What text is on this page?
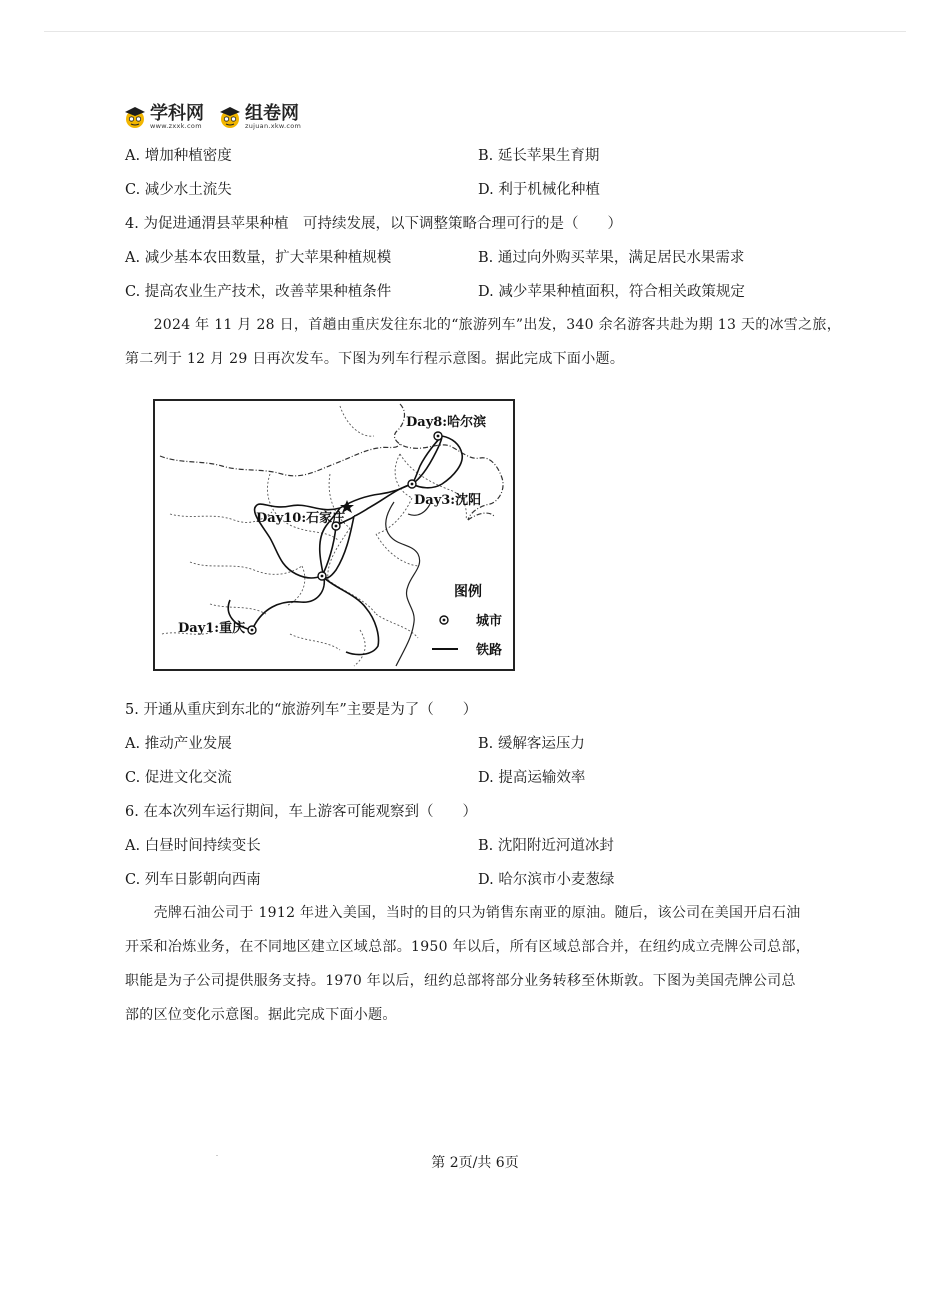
学科网
www.zxxk.com
组卷网
zujuan.xkw.com
A. 增加种植密度	B. 延长苹果生育期
C. 减少水土流失	D. 利于机械化种植
4. 为促进通渭县苹果种植　可持续发展，以下调整策略合理可行的是（　　）
A. 减少基本农田数量，扩大苹果种植规模	B. 通过向外购买苹果，满足居民水果需求
C. 提高农业生产技术，改善苹果种植条件	D. 减少苹果种植面积，符合相关政策规定
　　2024 年 11 月 28 日，首趟由重庆发往东北的“旅游列车”出发，340 余名游客共赴为期 13 天的冰雪之旅，
第二列于 12 月 29 日再次发车。下图为列车行程示意图。据此完成下面小题。
Day8:哈尔滨
Day3:沈阳
Day10:石家庄
Day1:重庆
图例
城市
铁路
5. 开通从重庆到东北的“旅游列车”主要是为了（　　）
A. 推动产业发展	B. 缓解客运压力
C. 促进文化交流	D. 提高运输效率
6. 在本次列车运行期间，车上游客可能观察到（　　）
A. 白昼时间持续变长	B. 沈阳附近河道冰封
C. 列车日影朝向西南	D. 哈尔滨市小麦葱绿
　　壳牌石油公司于 1912 年进入美国，当时的目的只为销售东南亚的原油。随后，该公司在美国开启石油
开采和冶炼业务，在不同地区建立区域总部。1950 年以后，所有区域总部合并，在纽约成立壳牌公司总部，
职能是为子公司提供服务支持。1970 年以后，纽约总部将部分业务转移至休斯敦。下图为美国壳牌公司总
部的区位变化示意图。据此完成下面小题。
第 2页/共 6页
